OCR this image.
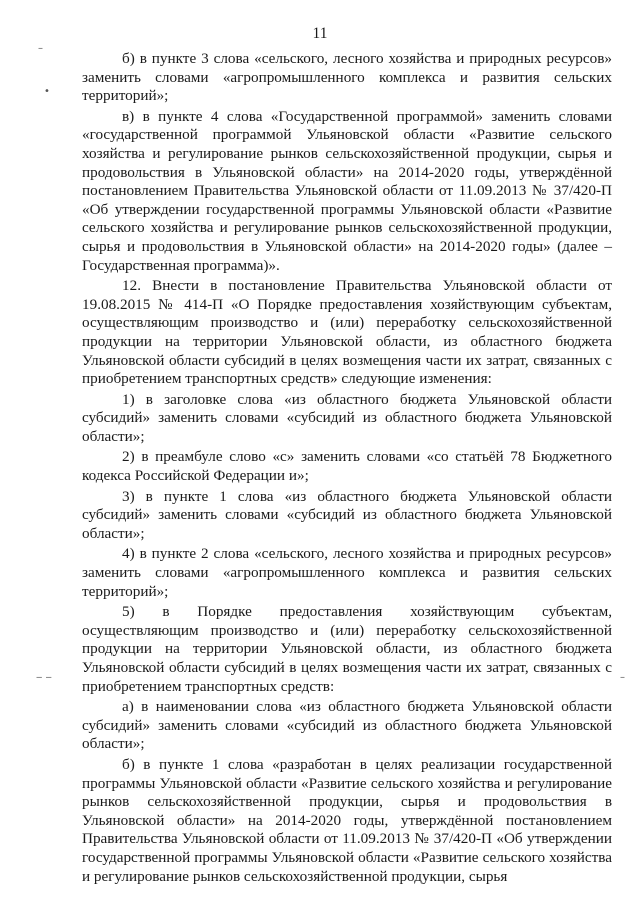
11
–
•
‒ ‒	–

б) в пункте 3 слова «сельского, лесного хозяйства и природных ресурсов» заменить словами «агропромышленного комплекса и развития сельских территорий»;

в) в пункте 4 слова «Государственной программой» заменить словами «государственной программой Ульяновской области «Развитие сельского хозяйства и регулирование рынков сельскохозяйственной продукции, сырья и продовольствия в Ульяновской области» на 2014-2020 годы, утверждённой постановлением Правительства Ульяновской области от 11.09.2013 № 37/420-П «Об утверждении государственной программы Ульяновской области «Развитие сельского хозяйства и регулирование рынков сельскохозяйственной продукции, сырья и продовольствия в Ульяновской области» на 2014-2020 годы» (далее – Государственная программа)».

12. Внести в постановление Правительства Ульяновской области от 19.08.2015 № 414-П «О Порядке предоставления хозяйствующим субъектам, осуществляющим производство и (или) переработку сельскохозяйственной продукции на территории Ульяновской области, из областного бюджета Ульяновской области субсидий в целях возмещения части их затрат, связанных с приобретением транспортных средств» следующие изменения:

1) в заголовке слова «из областного бюджета Ульяновской области субсидий» заменить словами «субсидий из областного бюджета Ульяновской области»;

2) в преамбуле слово «с» заменить словами «со статьёй 78 Бюджетного кодекса Российской Федерации и»;

3) в пункте 1 слова «из областного бюджета Ульяновской области субсидий» заменить словами «субсидий из областного бюджета Ульяновской области»;

4) в пункте 2 слова «сельского, лесного хозяйства и природных ресурсов» заменить словами «агропромышленного комплекса и развития сельских территорий»;

5) в Порядке предоставления хозяйствующим субъектам, осуществляющим производство и (или) переработку сельскохозяйственной продукции на территории Ульяновской области, из областного бюджета Ульяновской области субсидий в целях возмещения части их затрат, связанных с приобретением транспортных средств:

а) в наименовании слова «из областного бюджета Ульяновской области субсидий» заменить словами «субсидий из областного бюджета Ульяновской области»;

б) в пункте 1 слова «разработан в целях реализации государственной программы Ульяновской области «Развитие сельского хозяйства и регулирование рынков сельскохозяйственной продукции, сырья и продовольствия в Ульяновской области» на 2014-2020 годы, утверждённой постановлением Правительства Ульяновской области от 11.09.2013 № 37/420-П «Об утверждении государственной программы Ульяновской области «Развитие сельского хозяйства и регулирование рынков сельскохозяйственной продукции, сырья
